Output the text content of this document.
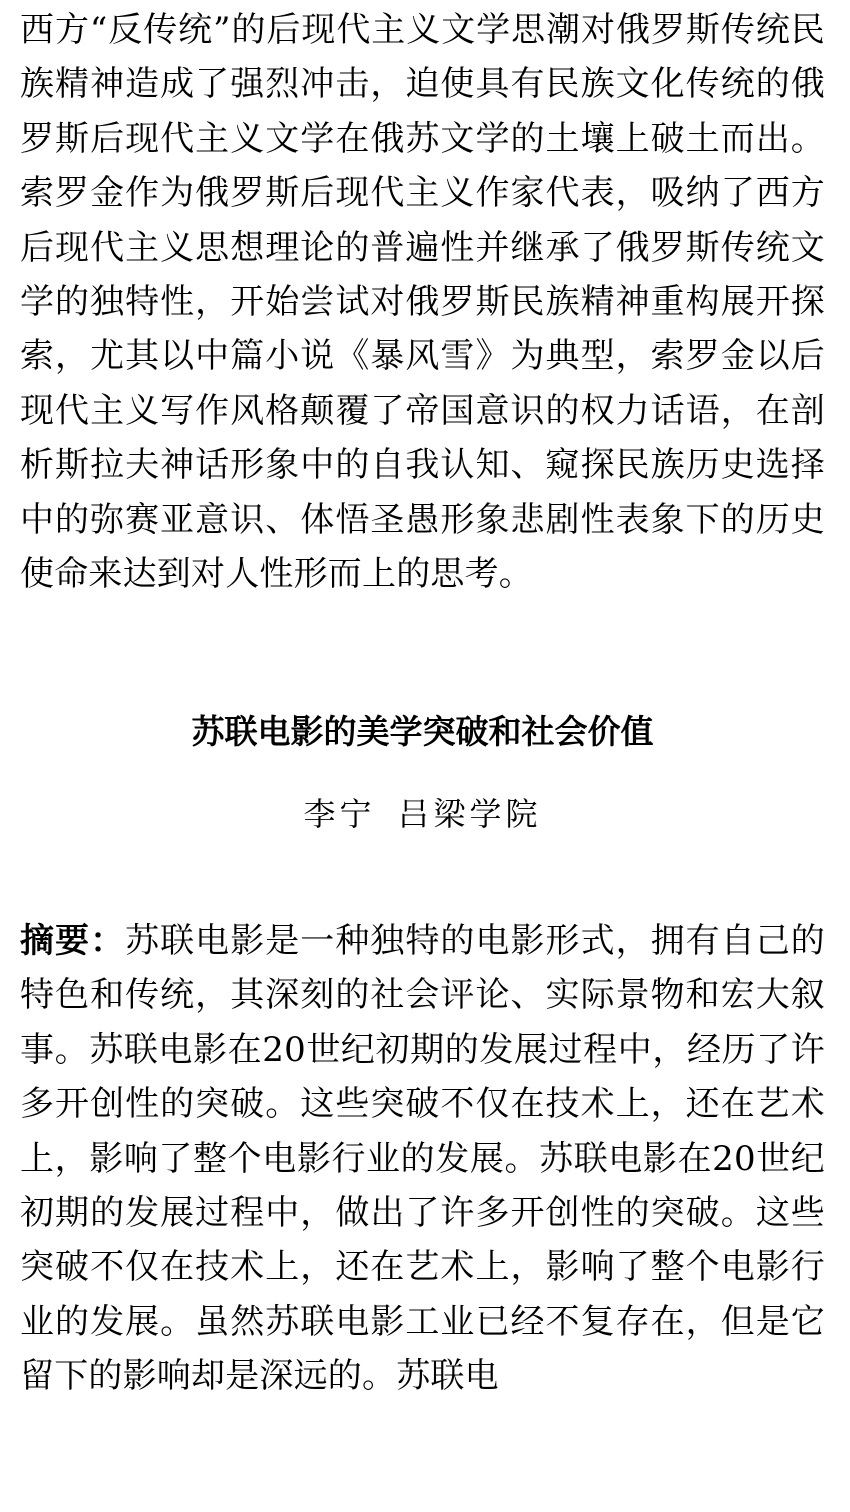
西方“反传统”的后现代主义文学思潮对俄罗斯传统民族精神造成了强烈冲击，迫使具有民族文化传统的俄罗斯后现代主义文学在俄苏文学的土壤上破土而出。索罗金作为俄罗斯后现代主义作家代表，吸纳了西方后现代主义思想理论的普遍性并继承了俄罗斯传统文学的独特性，开始尝试对俄罗斯民族精神重构展开探索，尤其以中篇小说《暴风雪》为典型，索罗金以后现代主义写作风格颠覆了帝国意识的权力话语，在剖析斯拉夫神话形象中的自我认知、窥探民族历史选择中的弥赛亚意识、体悟圣愚形象悲剧性表象下的历史使命来达到对人性形而上的思考。

苏联电影的美学突破和社会价值

李宁 吕梁学院

摘要：苏联电影是一种独特的电影形式，拥有自己的特色和传统，其深刻的社会评论、实际景物和宏大叙事。苏联电影在20世纪初期的发展过程中，经历了许多开创性的突破。这些突破不仅在技术上，还在艺术上，影响了整个电影行业的发展。苏联电影在20世纪初期的发展过程中，做出了许多开创性的突破。这些突破不仅在技术上，还在艺术上，影响了整个电影行业的发展。虽然苏联电影工业已经不复存在，但是它留下的影响却是深远的。苏联电
